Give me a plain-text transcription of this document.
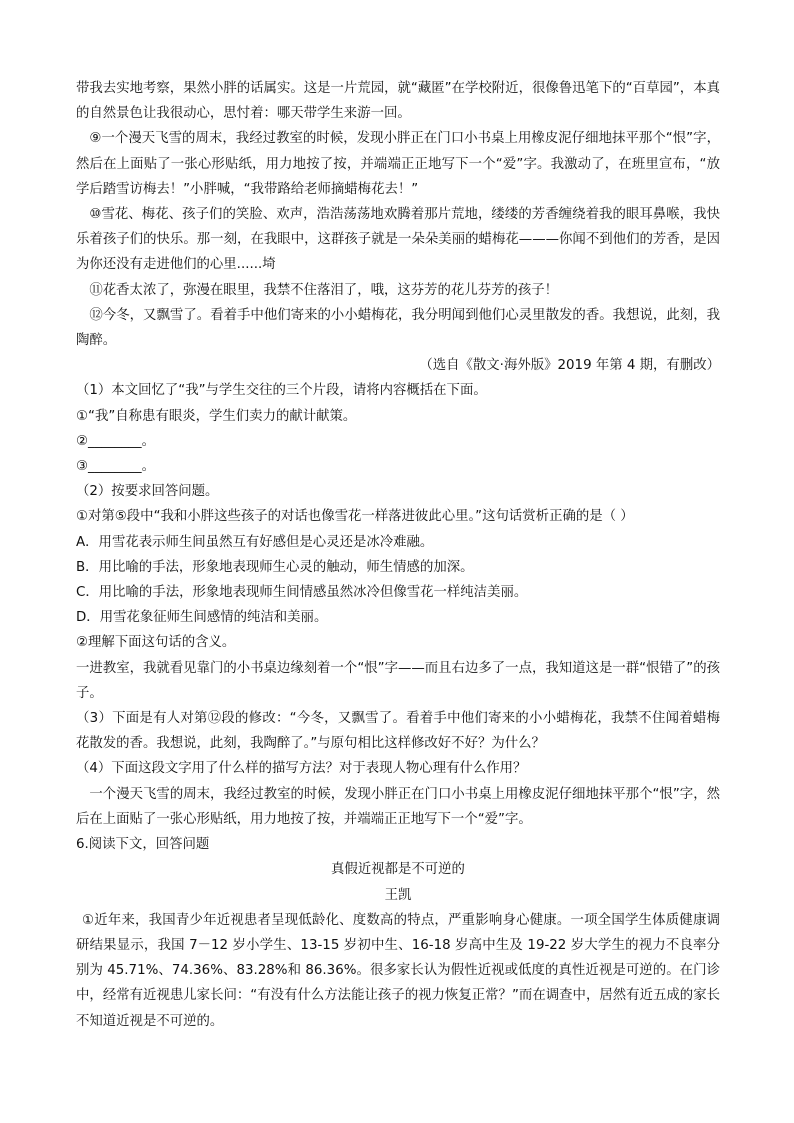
带我去实地考察，果然小胖的话属实。这是一片荒园，就“藏匿”在学校附近，很像鲁迅笔下的“百草园”，本真的自然景色让我很动心，思忖着：哪天带学生来游一回。

⑨一个漫天飞雪的周末，我经过教室的时候，发现小胖正在门口小书桌上用橡皮泥仔细地抹平那个“恨”字，然后在上面贴了一张心形贴纸，用力地按了按，并端端正正地写下一个“爱”字。我激动了，在班里宣布，“放学后踏雪访梅去！”小胖喊，“我带路给老师摘蜡梅花去！”

⑩雪花、梅花、孩子们的笑脸、欢声，浩浩荡荡地欢腾着那片荒地，缕缕的芳香缠绕着我的眼耳鼻喉，我快乐着孩子们的快乐。那一刻，在我眼中，这群孩子就是一朵朵美丽的蜡梅花———你闻不到他们的芳香，是因为你还没有走进他们的心里......埼

⑪花香太浓了，弥漫在眼里，我禁不住落泪了，哦，这芬芳的花儿芬芳的孩子！

⑫今冬，又飘雪了。看着手中他们寄来的小小蜡梅花，我分明闻到他们心灵里散发的香。我想说，此刻，我陶醉。

（选自《散文·海外版》2019 年第 4 期，有删改）

（1）本文回忆了“我”与学生交往的三个片段，请将内容概括在下面。

①“我”自称患有眼炎，学生们卖力的献计献策。

②________。

③________。

（2）按要求回答问题。

①对第⑤段中“我和小胖这些孩子的对话也像雪花一样落进彼此心里。”这句话赏析正确的是（ ）

A．用雪花表示师生间虽然互有好感但是心灵还是冰冷难融。

B．用比喻的手法，形象地表现师生心灵的触动，师生情感的加深。

C．用比喻的手法，形象地表现师生间情感虽然冰冷但像雪花一样纯洁美丽。

D．用雪花象征师生间感情的纯洁和美丽。

②理解下面这句话的含义。

一进教室，我就看见靠门的小书桌边缘刻着一个“恨”字——而且右边多了一点，我知道这是一群“恨错了”的孩子。

（3）下面是有人对第⑫段的修改：“今冬，又飘雪了。看着手中他们寄来的小小蜡梅花，我禁不住闻着蜡梅花散发的香。我想说，此刻，我陶醉了。”与原句相比这样修改好不好？为什么？

（4）下面这段文字用了什么样的描写方法？对于表现人物心理有什么作用？

一个漫天飞雪的周末，我经过教室的时候，发现小胖正在门口小书桌上用橡皮泥仔细地抹平那个“恨”字，然后在上面贴了一张心形贴纸，用力地按了按，并端端正正地写下一个“爱”字。

6.阅读下文，回答问题

真假近视都是不可逆的

王凯

①近年来，我国青少年近视患者呈现低龄化、度数高的特点，严重影响身心健康。一项全国学生体质健康调研结果显示，我国 7－12 岁小学生、13-15 岁初中生、16-18 岁高中生及 19-22 岁大学生的视力不良率分别为 45.71%、74.36%、83.28%和 86.36%。很多家长认为假性近视或低度的真性近视是可逆的。在门诊中，经常有近视患儿家长问：“有没有什么方法能让孩子的视力恢复正常？”而在调查中，居然有近五成的家长不知道近视是不可逆的。
